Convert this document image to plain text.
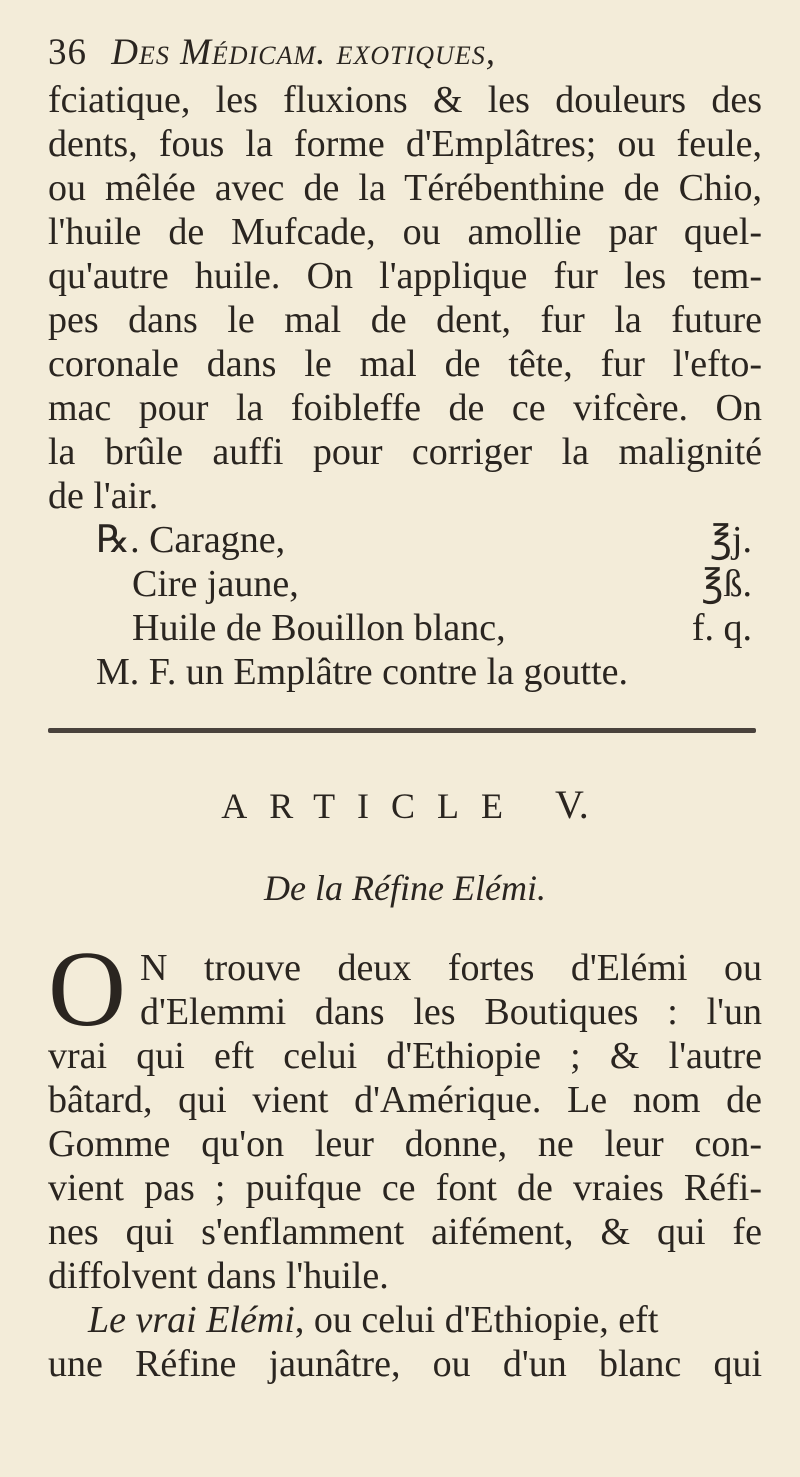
36 Des Médicam. exotiques,
fciatique, les fluxions & les douleurs des
dents, fous la forme d'Emplâtres; ou feule,
ou mêlée avec de la Térébenthine de Chio,
l'huile de Mufcade, ou amollie par quel-
qu'autre huile. On l'applique fur les tem-
pes dans le mal de dent, fur la future
coronale dans le mal de tête, fur l'efto-
mac pour la foibleffe de ce vifcère. On
la brûle auffi pour corriger la malignité
de l'air.
℞. Caragne,	℥j.
Cire jaune,	℥ß.
Huile de Bouillon blanc,	f. q.
M. F. un Emplâtre contre la goutte.
ARTICLE V.
De la Réfine Elémi.
O N trouve deux fortes d'Elémi ou
d'Elemmi dans les Boutiques : l'un
vrai qui eft celui d'Ethiopie ; & l'autre
bâtard, qui vient d'Amérique. Le nom de
Gomme qu'on leur donne, ne leur con-
vient pas ; puifque ce font de vraies Réfi-
nes qui s'enflamment aifément, & qui fe
diffolvent dans l'huile.
Le vrai Elémi, ou celui d'Ethiopie, eft
une Réfine jaunâtre, ou d'un blanc qui
